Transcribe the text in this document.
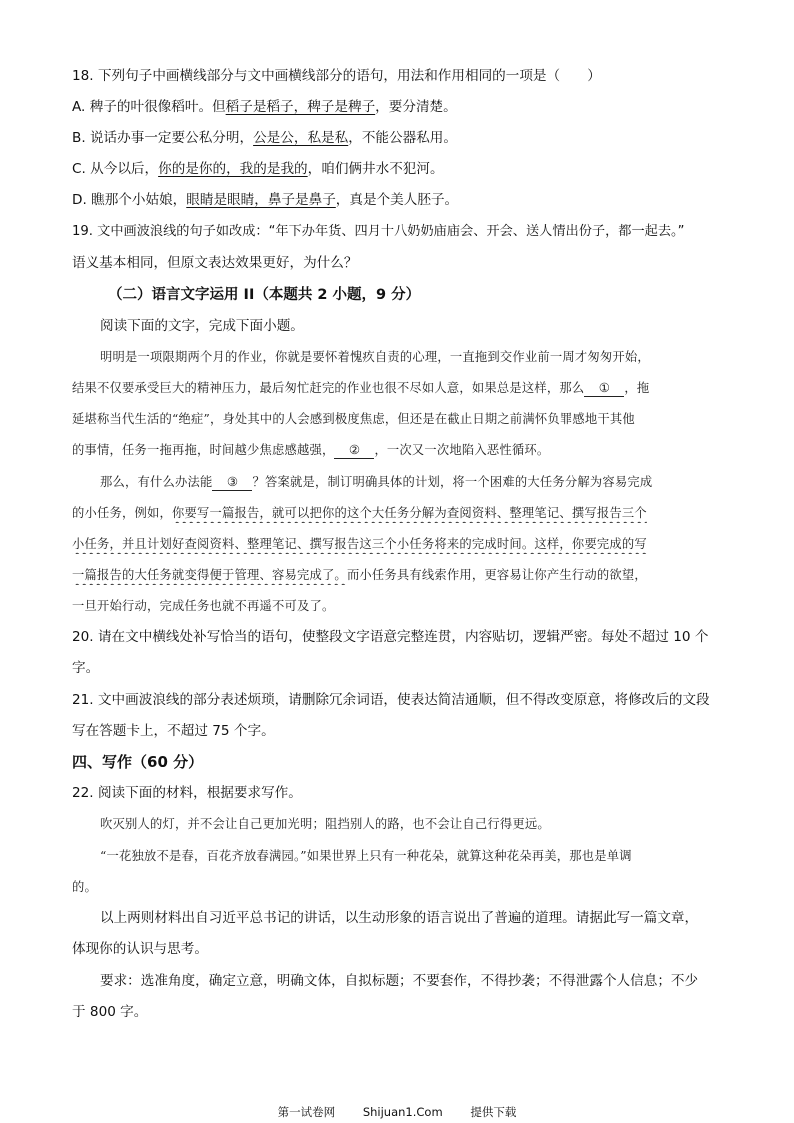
18. 下列句子中画横线部分与文中画横线部分的语句，用法和作用相同的一项是（　　）
A. 稗子的叶很像稻叶。但稻子是稻子，稗子是稗子，要分清楚。
B. 说话办事一定要公私分明，公是公，私是私，不能公器私用。
C. 从今以后，你的是你的，我的是我的，咱们俩井水不犯河。
D. 瞧那个小姑娘，眼睛是眼睛，鼻子是鼻子，真是个美人胚子。
19. 文中画波浪线的句子如改成：“年下办年货、四月十八奶奶庙庙会、开会、送人情出份子，都一起去。”
语义基本相同，但原文表达效果更好，为什么？
（二）语言文字运用 II（本题共 2 小题，9 分）
阅读下面的文字，完成下面小题。
明明是一项限期两个月的作业，你就是要怀着愧疚自责的心理，一直拖到交作业前一周才匆匆开始，
结果不仅要承受巨大的精神压力，最后匆忙赶完的作业也很不尽如人意，如果总是这样，那么 ① ，拖
延堪称当代生活的“绝症”，身处其中的人会感到极度焦虑，但还是在截止日期之前满怀负罪感地干其他
的事情，任务一拖再拖，时间越少焦虑感越强， ② ，一次又一次地陷入恶性循环。
那么，有什么办法能 ③ ？答案就是，制订明确具体的计划，将一个困难的大任务分解为容易完成
的小任务，例如，你要写一篇报告，就可以把你的这个大任务分解为查阅资料、整理笔记、撰写报告三个
小任务，并且计划好查阅资料、整理笔记、撰写报告这三个小任务将来的完成时间。这样，你要完成的写
一篇报告的大任务就变得便于管理、容易完成了。而小任务具有线索作用，更容易让你产生行动的欲望，
一旦开始行动，完成任务也就不再遥不可及了。
20. 请在文中横线处补写恰当的语句，使整段文字语意完整连贯，内容贴切，逻辑严密。每处不超过 10 个
字。
21. 文中画波浪线的部分表述烦琐，请删除冗余词语，使表达简洁通顺，但不得改变原意，将修改后的文段
写在答题卡上，不超过 75 个字。
四、写作（60 分）
22. 阅读下面的材料，根据要求写作。
吹灭别人的灯，并不会让自己更加光明；阻挡别人的路，也不会让自己行得更远。
“一花独放不是春，百花齐放春满园。”如果世界上只有一种花朵，就算这种花朵再美，那也是单调
的。
以上两则材料出自习近平总书记的讲话，以生动形象的语言说出了普遍的道理。请据此写一篇文章，
体现你的认识与思考。
要求：选准角度，确定立意，明确文体，自拟标题；不要套作，不得抄袭；不得泄露个人信息；不少
于 800 字。
第一试卷网 Shijuan1.Com 提供下载
